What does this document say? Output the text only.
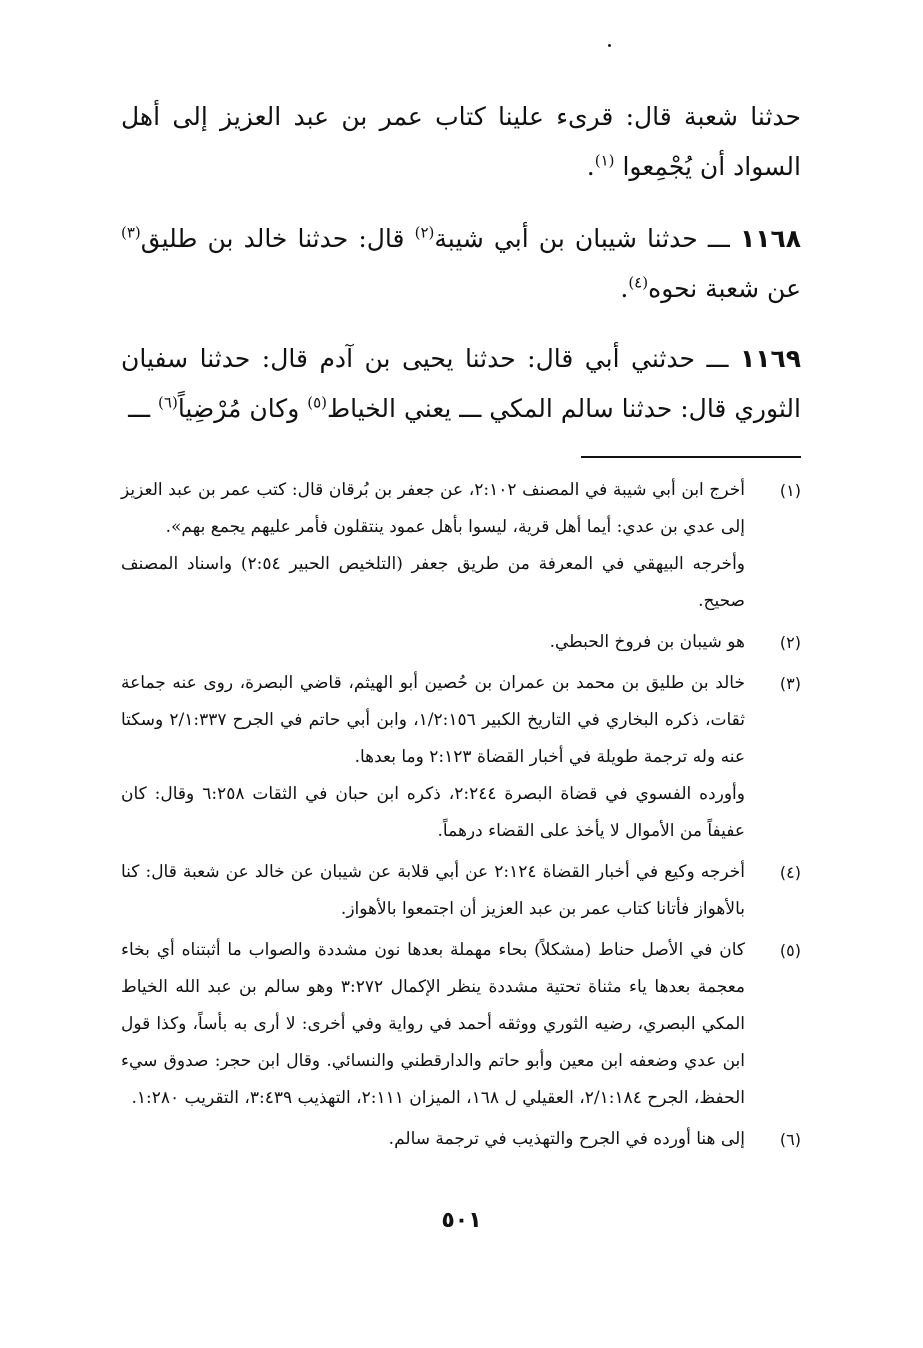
حدثنا شعبة قال: قرىء علينا كتاب عمر بن عبد العزيز إلى أهل السواد أن يُجْمِعوا $^{(١)}$.

١١٦٨ ـــ حدثنا شيبان بن أبي شيبة$^{(٢)}$ قال: حدثنا خالد بن طليق$^{(٣)}$ عن شعبة نحوه$^{(٤)}$.

١١٦٩ ـــ حدثني أبي قال: حدثنا يحيى بن آدم قال: حدثنا سفيان الثوري قال: حدثنا سالم المكي ـــ يعني الخياط$^{(٥)}$ وكان مُرْضِياً$^{(٦)}$ ـــ

(١)
أخرج ابن أبي شيبة في المصنف ٢:١٠٢، عن جعفر بن بُرقان قال: كتب عمر بن عبد العزيز إلى عدي بن عدي: أيما أهل قرية، ليسوا بأهل عمود ينتقلون فأمر عليهم يجمع بهم».
وأخرجه البيهقي في المعرفة من طريق جعفر (التلخيص الحبير ٢:٥٤) واسناد المصنف صحيح.
(٢)
هو شيبان بن فروخ الحبطي.
(٣)
خالد بن طليق بن محمد بن عمران بن حُصين أبو الهيثم، قاضي البصرة، روى عنه جماعة ثقات، ذكره البخاري في التاريخ الكبير ١/٢:١٥٦، وابن أبي حاتم في الجرح ٢/١:٣٣٧ وسكتا عنه وله ترجمة طويلة في أخبار القضاة ٢:١٢٣ وما بعدها.
وأورده الفسوي في قضاة البصرة ٢:٢٤٤، ذكره ابن حبان في الثقات ٦:٢٥٨ وقال: كان عفيفاً من الأموال لا يأخذ على القضاء درهماً.
(٤)
أخرجه وكيع في أخبار القضاة ٢:١٢٤ عن أبي قلابة عن شيبان عن خالد عن شعبة قال: كنا بالأهواز فأتانا كتاب عمر بن عبد العزيز أن اجتمعوا بالأهواز.
(٥)
كان في الأصل حناط (مشكلاً) بحاء مهملة بعدها نون مشددة والصواب ما أثبتناه أي بخاء معجمة بعدها ياء مثناة تحتية مشددة ينظر الإكمال ٣:٢٧٢ وهو سالم بن عبد الله الخياط المكي البصري، رضيه الثوري ووثقه أحمد في رواية وفي أخرى: لا أرى به بأساً، وكذا قول ابن عدي وضعفه ابن معين وأبو حاتم والدارقطني والنسائي. وقال ابن حجر: صدوق سيء الحفظ، الجرح ٢/١:١٨٤، العقيلي ل ١٦٨، الميزان ٢:١١١، التهذيب ٣:٤٣٩، التقريب ١:٢٨٠.
(٦)
إلى هنا أورده في الجرح والتهذيب في ترجمة سالم.
٥٠١
